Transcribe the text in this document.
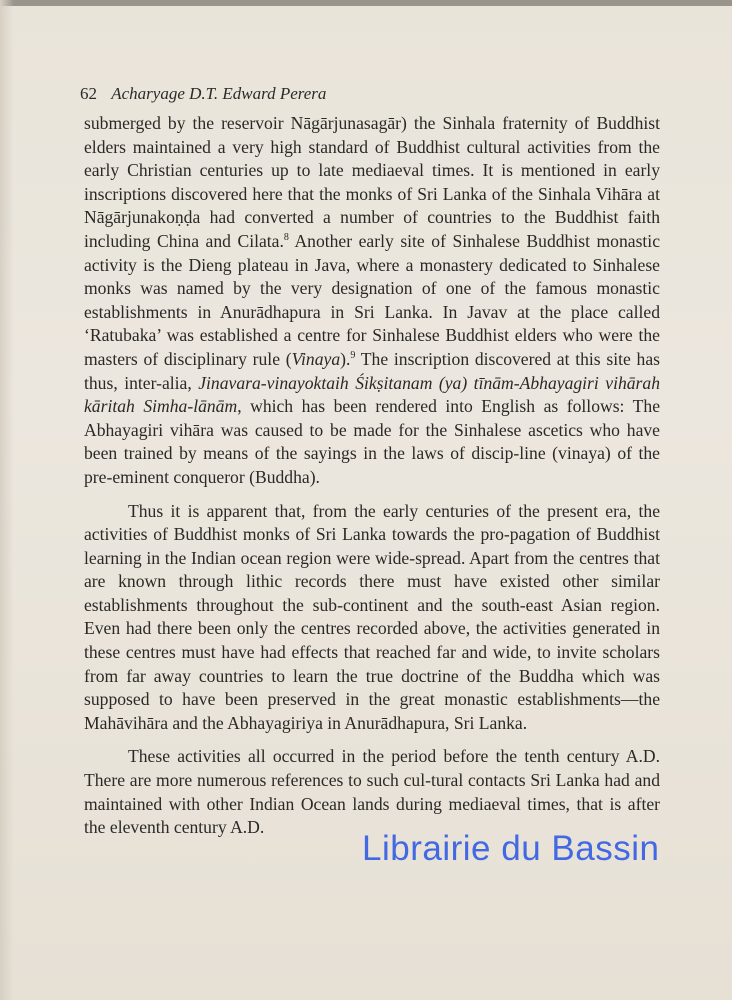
62 Acharyage D.T. Edward Perera

submerged by the reservoir Nāgārjunasagār) the Sinhala fraternity of Buddhist elders maintained a very high standard of Buddhist cultural activities from the early Christian centuries up to late mediaeval times. It is mentioned in early inscriptions discovered here that the monks of Sri Lanka of the Sinhala Vihāra at Nāgārjunakoṇḍa had converted a number of countries to the Buddhist faith including China and Cilata.$^8$ Another early site of Sinhalese Buddhist monastic activity is the Dieng plateau in Java, where a monastery dedicated to Sinhalese monks was named by the very designation of one of the famous monastic establishments in Anurādhapura in Sri Lanka. In Javav at the place called ‘Ratubaka’ was established a centre for Sinhalese Buddhist elders who were the masters of disciplinary rule (Vinaya).$^9$ The inscription discovered at this site has thus, inter-alia, Jinavara-vinayoktaih Śikṣitanam (ya) tīnām-Abhayagiri vihārah kāritah Simha-lānām, which has been rendered into English as follows: The Abhayagiri vihāra was caused to be made for the Sinhalese ascetics who have been trained by means of the sayings in the laws of discip-line (vinaya) of the pre-eminent conqueror (Buddha).

Thus it is apparent that, from the early centuries of the present era, the activities of Buddhist monks of Sri Lanka towards the pro-pagation of Buddhist learning in the Indian ocean region were wide-spread. Apart from the centres that are known through lithic records there must have existed other similar establishments throughout the sub-continent and the south-east Asian region. Even had there been only the centres recorded above, the activities generated in these centres must have had effects that reached far and wide, to invite scholars from far away countries to learn the true doctrine of the Buddha which was supposed to have been preserved in the great monastic establishments—the Mahāvihāra and the Abhayagiriya in Anurādhapura, Sri Lanka.

These activities all occurred in the period before the tenth century A.D. There are more numerous references to such cul-tural contacts Sri Lanka had and maintained with other Indian Ocean lands during mediaeval times, that is after the eleventh century A.D.

Librairie du Bassin
